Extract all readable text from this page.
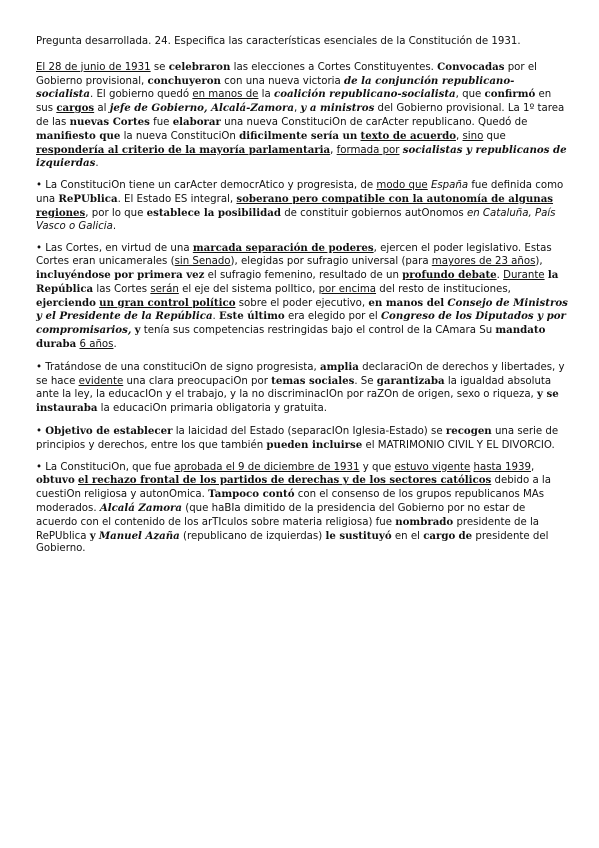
Pregunta desarrollada. 24. Especifica las características esenciales de la Constitución de 1931.

El 28 de junio de 1931 se celebraron las elecciones a Cortes Constituyentes. Convocadas por el Gobierno provisional, conchuyeron con una nueva victoria de la conjunción republicano-socialista. El gobierno quedó en manos de la coalición republicano-socialista, que confirmó en sus cargos al jefe de Gobierno, Alcalá-Zamora, y a ministros del Gobierno provisional. La 1º tarea de las nuevas Cortes fue elaborar una nueva ConstituciOn de carActer republicano. Quedó de manifiesto que la nueva ConstituciOn dificilmente sería un texto de acuerdo, sino que respondería al criterio de la mayoría parlamentaria, formada por socialistas y republicanos de izquierdas.

• La ConstituciOn tiene un carActer democrAtico y progresista, de modo que España fue definida como una RePUblica. El Estado ES integral, soberano pero compatible con la autonomía de algunas regiones, por lo que establece la posibilidad de constituir gobiernos autOnomos en Cataluña, País Vasco o Galicia.

• Las Cortes, en virtud de una marcada separación de poderes, ejercen el poder legislativo. Estas Cortes eran unicamerales (sin Senado), elegidas por sufragio universal (para mayores de 23 años), incluyéndose por primera vez el sufragio femenino, resultado de un profundo debate. Durante la República las Cortes serán el eje del sistema polItico, por encima del resto de instituciones, ejerciendo un gran control político sobre el poder ejecutivo, en manos del Consejo de Ministros y el Presidente de la República. Este último era elegido por el Congreso de los Diputados y por compromisarios, y tenía sus competencias restringidas bajo el control de la CAmara Su mandato duraba 6 años.

• Tratándose de una constituciOn de signo progresista, amplia declaraciOn de derechos y libertades, y se hace evidente una clara preocupaciOn por temas sociales. Se garantizaba la igualdad absoluta ante la ley, la educacIOn y el trabajo, y la no discriminacIOn por raZOn de origen, sexo o riqueza, y se instauraba la educaciOn primaria obligatoria y gratuita.

• Objetivo de establecer la laicidad del Estado (separacIOn Iglesia-Estado) se recogen una serie de principios y derechos, entre los que también pueden incluirse el MATRIMONIO CIVIL Y EL DIVORCIO.

• La ConstituciOn, que fue aprobada el 9 de diciembre de 1931 y que estuvo vigente hasta 1939, obtuvo el rechazo frontal de los partidos de derechas y de los sectores católicos debido a la cuestiOn religiosa y autonOmica. Tampoco contó con el consenso de los grupos republicanos MAs moderados. Alcalá Zamora (que haBIa dimitido de la presidencia del Gobierno por no estar de acuerdo con el contenido de los arTIculos sobre materia religiosa) fue nombrado presidente de la RePUblica y Manuel Azaña (republicano de izquierdas) le sustituyó en el cargo de presidente del Gobierno.
